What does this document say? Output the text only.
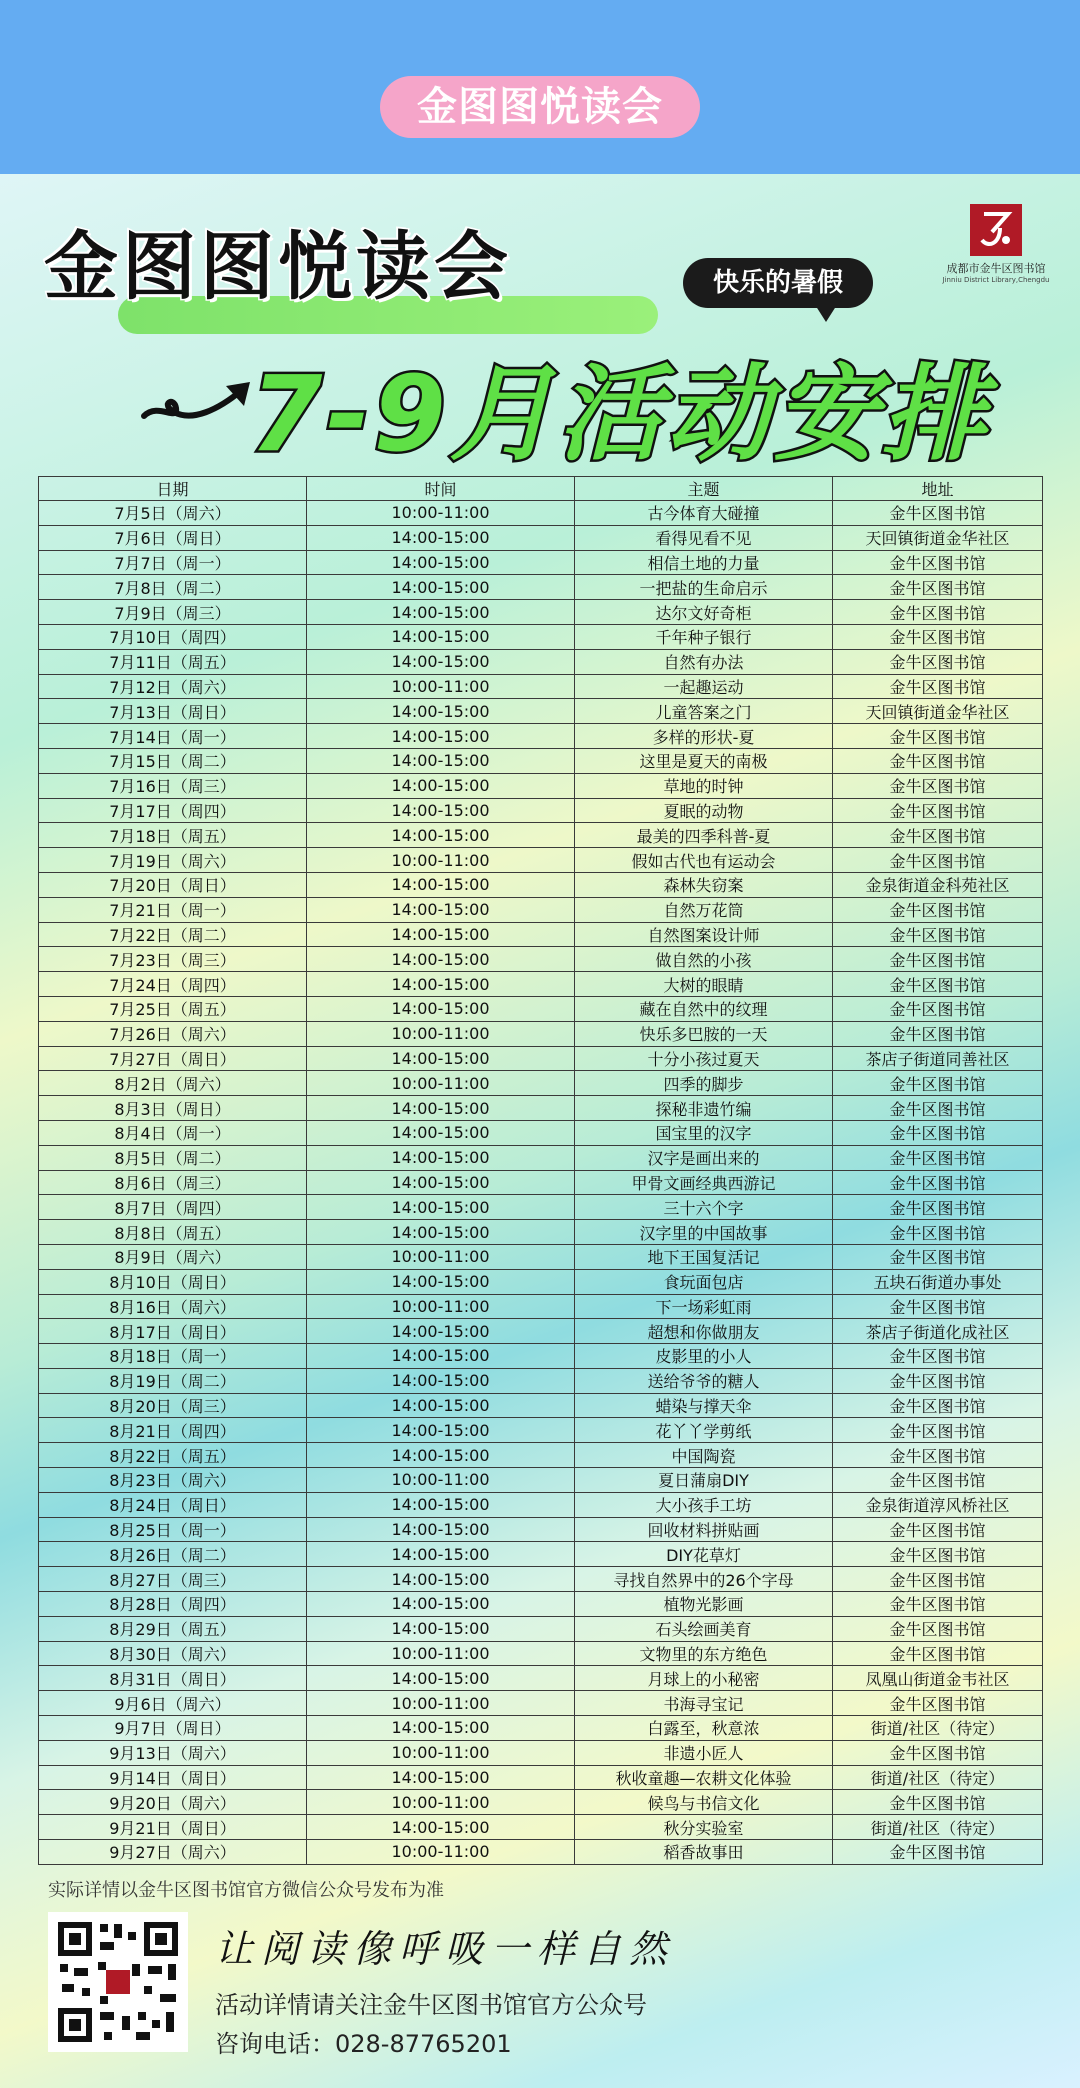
金图图悦读会
成都市金牛区图书馆
Jinniu District Library,Chengdu
金图图悦读会	快乐的暑假
7-9月活动安排
日期	时间	主题	地址
7月5日（周六）	10:00-11:00	古今体育大碰撞	金牛区图书馆
7月6日（周日）	14:00-15:00	看得见看不见	天回镇街道金华社区
7月7日（周一）	14:00-15:00	相信土地的力量	金牛区图书馆
7月8日（周二）	14:00-15:00	一把盐的生命启示	金牛区图书馆
7月9日（周三）	14:00-15:00	达尔文好奇柜	金牛区图书馆
7月10日（周四）	14:00-15:00	千年种子银行	金牛区图书馆
7月11日（周五）	14:00-15:00	自然有办法	金牛区图书馆
7月12日（周六）	10:00-11:00	一起趣运动	金牛区图书馆
7月13日（周日）	14:00-15:00	儿童答案之门	天回镇街道金华社区
7月14日（周一）	14:00-15:00	多样的形状-夏	金牛区图书馆
7月15日（周二）	14:00-15:00	这里是夏天的南极	金牛区图书馆
7月16日（周三）	14:00-15:00	草地的时钟	金牛区图书馆
7月17日（周四）	14:00-15:00	夏眠的动物	金牛区图书馆
7月18日（周五）	14:00-15:00	最美的四季科普-夏	金牛区图书馆
7月19日（周六）	10:00-11:00	假如古代也有运动会	金牛区图书馆
7月20日（周日）	14:00-15:00	森林失窃案	金泉街道金科苑社区
7月21日（周一）	14:00-15:00	自然万花筒	金牛区图书馆
7月22日（周二）	14:00-15:00	自然图案设计师	金牛区图书馆
7月23日（周三）	14:00-15:00	做自然的小孩	金牛区图书馆
7月24日（周四）	14:00-15:00	大树的眼睛	金牛区图书馆
7月25日（周五）	14:00-15:00	藏在自然中的纹理	金牛区图书馆
7月26日（周六）	10:00-11:00	快乐多巴胺的一天	金牛区图书馆
7月27日（周日）	14:00-15:00	十分小孩过夏天	茶店子街道同善社区
8月2日（周六）	10:00-11:00	四季的脚步	金牛区图书馆
8月3日（周日）	14:00-15:00	探秘非遗竹编	金牛区图书馆
8月4日（周一）	14:00-15:00	国宝里的汉字	金牛区图书馆
8月5日（周二）	14:00-15:00	汉字是画出来的	金牛区图书馆
8月6日（周三）	14:00-15:00	甲骨文画经典西游记	金牛区图书馆
8月7日（周四）	14:00-15:00	三十六个字	金牛区图书馆
8月8日（周五）	14:00-15:00	汉字里的中国故事	金牛区图书馆
8月9日（周六）	10:00-11:00	地下王国复活记	金牛区图书馆
8月10日（周日）	14:00-15:00	食玩面包店	五块石街道办事处
8月16日（周六）	10:00-11:00	下一场彩虹雨	金牛区图书馆
8月17日（周日）	14:00-15:00	超想和你做朋友	茶店子街道化成社区
8月18日（周一）	14:00-15:00	皮影里的小人	金牛区图书馆
8月19日（周二）	14:00-15:00	送给爷爷的糖人	金牛区图书馆
8月20日（周三）	14:00-15:00	蜡染与撑天伞	金牛区图书馆
8月21日（周四）	14:00-15:00	花丫丫学剪纸	金牛区图书馆
8月22日（周五）	14:00-15:00	中国陶瓷	金牛区图书馆
8月23日（周六）	10:00-11:00	夏日蒲扇DIY	金牛区图书馆
8月24日（周日）	14:00-15:00	大小孩手工坊	金泉街道淳风桥社区
8月25日（周一）	14:00-15:00	回收材料拼贴画	金牛区图书馆
8月26日（周二）	14:00-15:00	DIY花草灯	金牛区图书馆
8月27日（周三）	14:00-15:00	寻找自然界中的26个字母	金牛区图书馆
8月28日（周四）	14:00-15:00	植物光影画	金牛区图书馆
8月29日（周五）	14:00-15:00	石头绘画美育	金牛区图书馆
8月30日（周六）	10:00-11:00	文物里的东方绝色	金牛区图书馆
8月31日（周日）	14:00-15:00	月球上的小秘密	凤凰山街道金韦社区
9月6日（周六）	10:00-11:00	书海寻宝记	金牛区图书馆
9月7日（周日）	14:00-15:00	白露至，秋意浓	街道/社区（待定）
9月13日（周六）	10:00-11:00	非遗小匠人	金牛区图书馆
9月14日（周日）	14:00-15:00	秋收童趣—农耕文化体验	街道/社区（待定）
9月20日（周六）	10:00-11:00	候鸟与书信文化	金牛区图书馆
9月21日（周日）	14:00-15:00	秋分实验室	街道/社区（待定）
9月27日（周六）	10:00-11:00	稻香故事田	金牛区图书馆
实际详情以金牛区图书馆官方微信公众号发布为准
让阅读像呼吸一样自然
活动详情请关注金牛区图书馆官方公众号
咨询电话：028-87765201
